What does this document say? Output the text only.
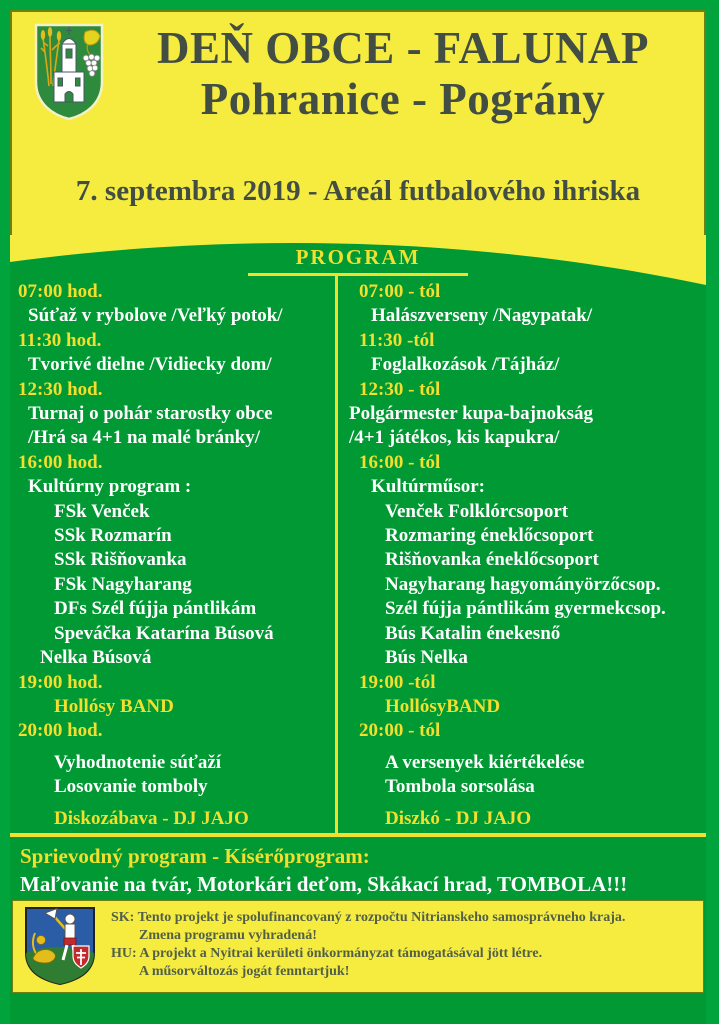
DEŇ OBCE - FALUNAP
Pohranice - Pográny
7. septembra 2019 - Areál futbalového ihriska
PROGRAM
07:00 hod.
Súťaž v rybolove /Veľký potok/
11:30 hod.
Tvorivé dielne /Vidiecky dom/
12:30 hod.
Turnaj o pohár starostky obce
/Hrá sa 4+1 na malé bránky/
16:00 hod.
Kultúrny program :
FSk Venček
SSk Rozmarín
SSk Rišňovanka
FSk Nagyharang
DFs Szél fújja pántlikám
Speváčka Katarína Búsová
Nelka Búsová
19:00 hod.
Hollósy BAND
20:00 hod.
Vyhodnotenie súťaží
Losovanie tomboly
Diskozábava - DJ JAJO
07:00 - tól
Halászverseny /Nagypatak/
11:30 -tól
Foglalkozások /Tájház/
12:30 - tól
Polgármester kupa-bajnokság
/4+1 játékos, kis kapukra/
16:00 - tól
Kultúrműsor:
Venček Folklórcsoport
Rozmaring éneklőcsoport
Rišňovanka éneklőcsoport
Nagyharang hagyományörzőcsop.
Szél fújja pántlikám gyermekcsop.
Bús Katalin énekesnő
Bús Nelka
19:00 -tól
HollósyBAND
20:00 - tól
A versenyek kiértékelése
Tombola sorsolása
Diszkó - DJ JAJO
Sprievodný program - Kísérőprogram:
Maľovanie na tvár, Motorkári deťom, Skákací hrad, TOMBOLA!!!
SK: Tento projekt je spolufinancovaný z rozpočtu Nitrianskeho samosprávneho kraja.
Zmena programu vyhradená!
HU: A projekt a Nyitrai kerületi önkormányzat támogatásával jött létre.
A műsorváltozás jogát fenntartjuk!
